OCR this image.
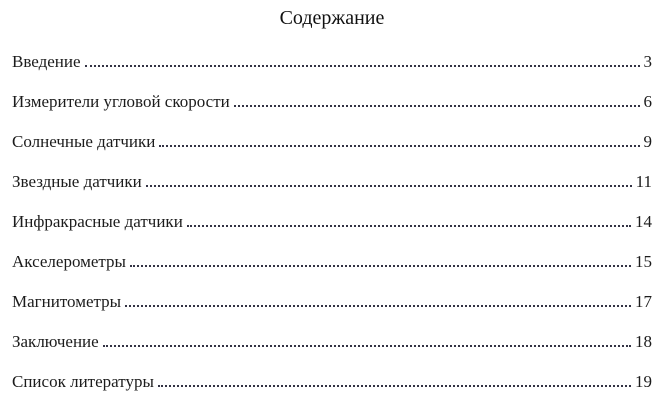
Содержание
Введение	3
Измерители угловой скорости	6
Солнечные датчики	9
Звездные датчики	11
Инфракрасные датчики	14
Акселерометры	15
Магнитометры	17
Заключение	18
Список литературы	19
